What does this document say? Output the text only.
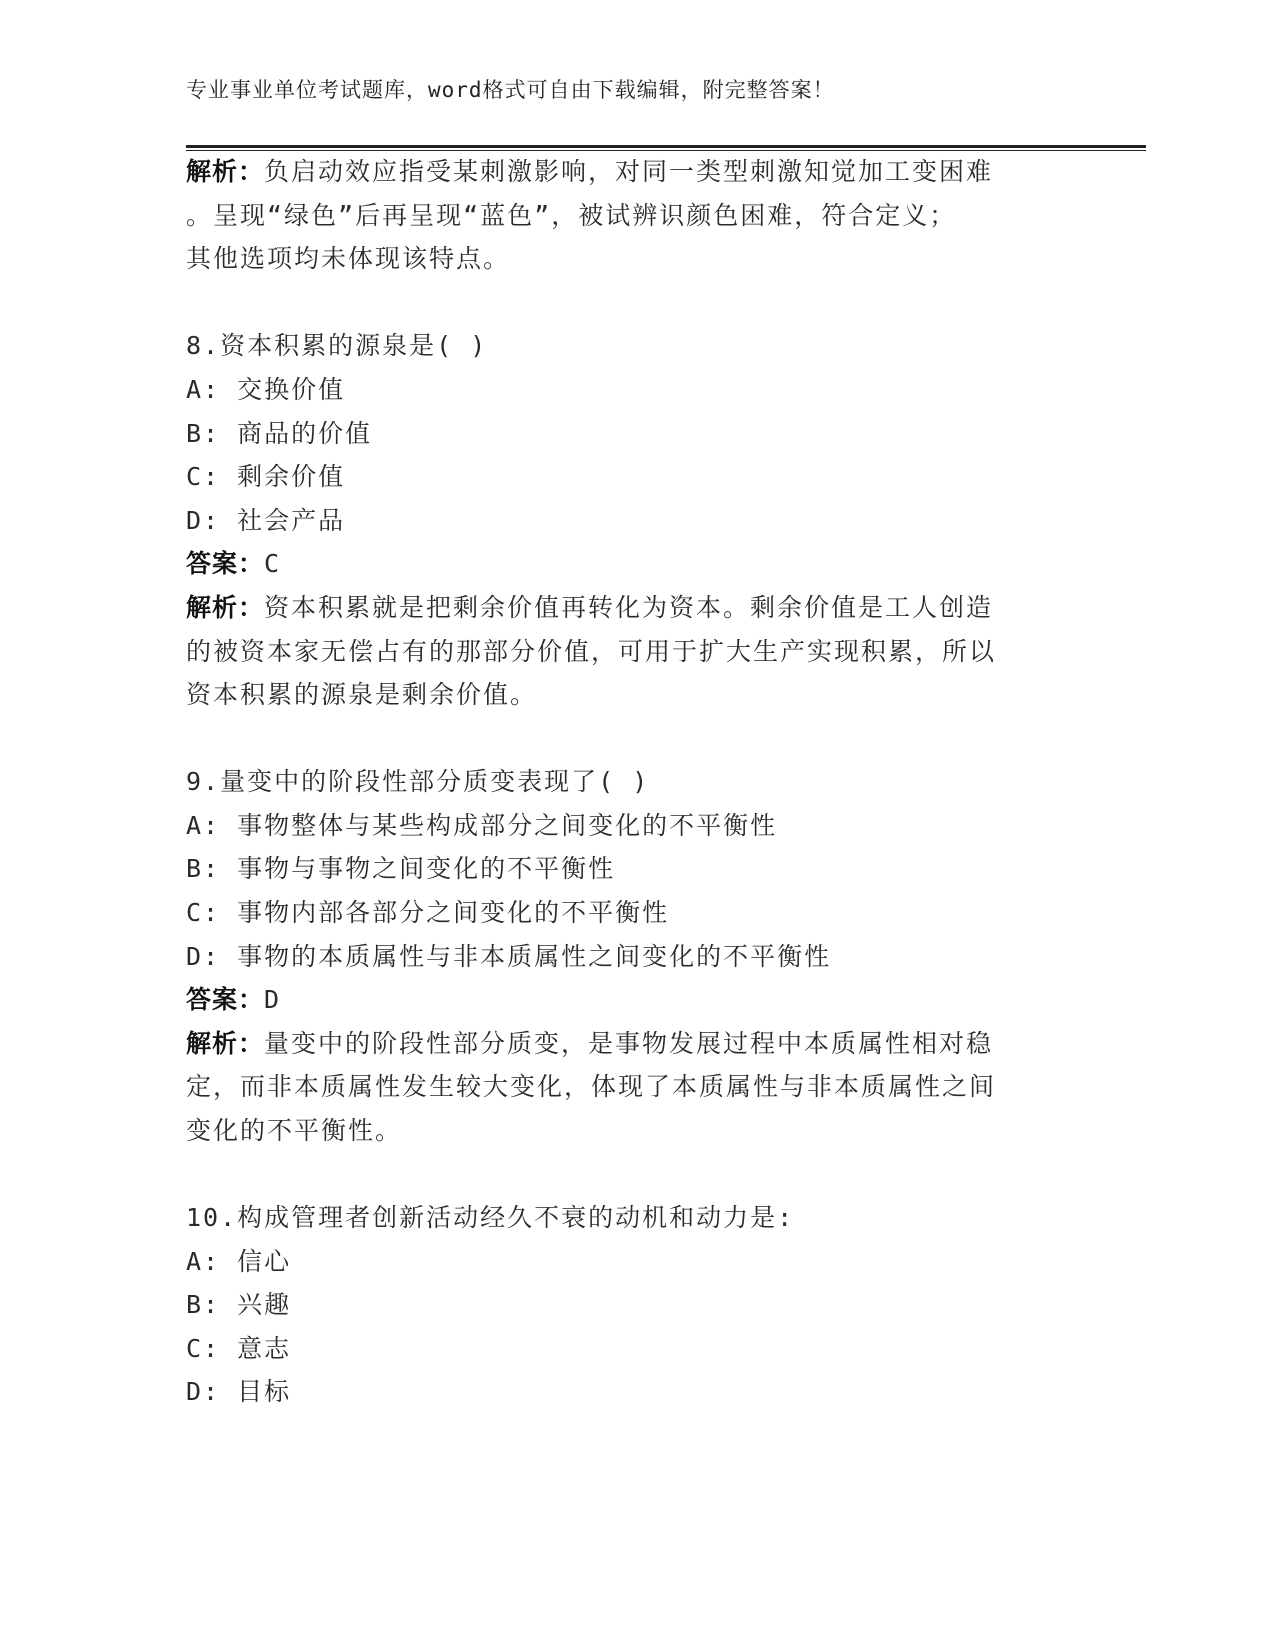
专业事业单位考试题库，word格式可自由下载编辑，附完整答案！
解析：负启动效应指受某刺激影响，对同一类型刺激知觉加工变困难
。呈现“绿色”后再呈现“蓝色”，被试辨识颜色困难，符合定义；
其他选项均未体现该特点。
8.资本积累的源泉是( )
A: 交换价值
B: 商品的价值
C: 剩余价值
D: 社会产品
答案：C
解析：资本积累就是把剩余价值再转化为资本。剩余价值是工人创造
的被资本家无偿占有的那部分价值，可用于扩大生产实现积累，所以
资本积累的源泉是剩余价值。
9.量变中的阶段性部分质变表现了( )
A: 事物整体与某些构成部分之间变化的不平衡性
B: 事物与事物之间变化的不平衡性
C: 事物内部各部分之间变化的不平衡性
D: 事物的本质属性与非本质属性之间变化的不平衡性
答案：D
解析：量变中的阶段性部分质变，是事物发展过程中本质属性相对稳
定，而非本质属性发生较大变化，体现了本质属性与非本质属性之间
变化的不平衡性。
10.构成管理者创新活动经久不衰的动机和动力是:
A: 信心
B: 兴趣
C: 意志
D: 目标
